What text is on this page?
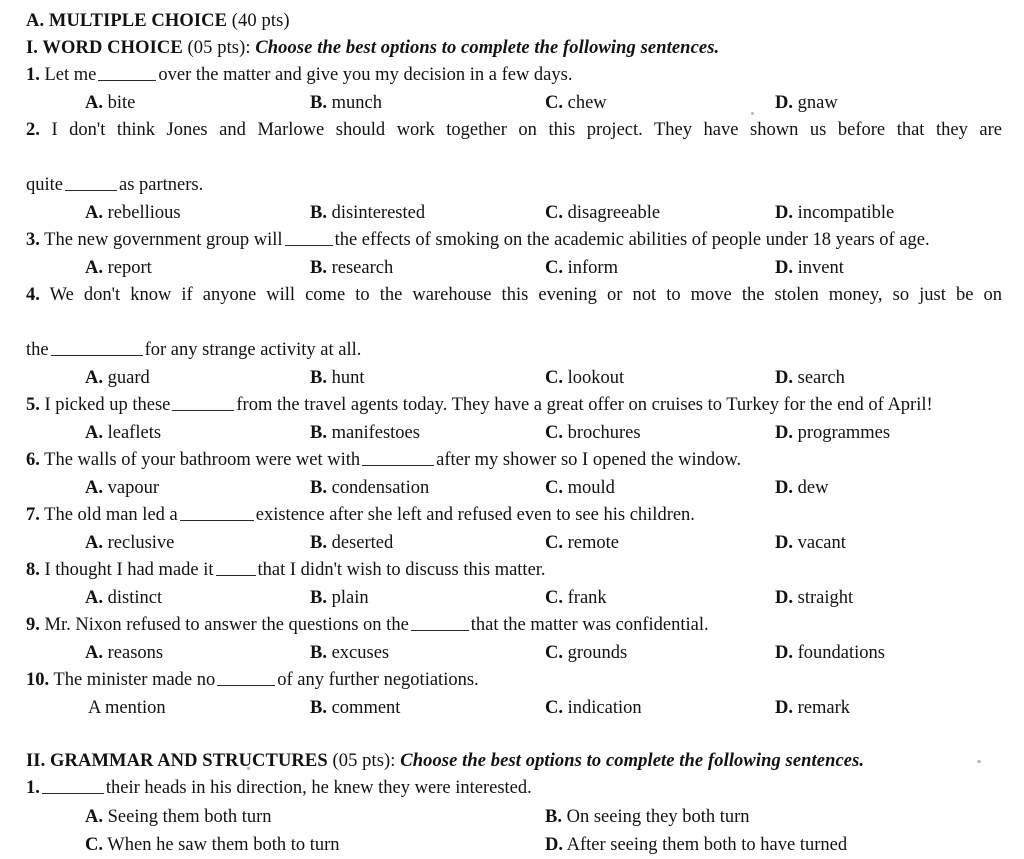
A. MULTIPLE CHOICE (40 pts)
I. WORD CHOICE (05 pts): Choose the best options to complete the following sentences.
1. Let me	over the matter and give you my decision in a few days.
A. bite	B. munch	C. chew	D. gnaw
2. I don't think Jones and Marlowe should work together on this project. They have shown us before that they are
quite	as partners.
A. rebellious	B. disinterested	C. disagreeable	D. incompatible
3. The new government group will	the effects of smoking on the academic abilities of people under 18 years of age.
A. report	B. research	C. inform	D. invent
4. We don't know if anyone will come to the warehouse this evening or not to move the stolen money, so just be on
the	for any strange activity at all.
A. guard	B. hunt	C. lookout	D. search
5. I picked up these	from the travel agents today. They have a great offer on cruises to Turkey for the end of April!
A. leaflets	B. manifestoes	C. brochures	D. programmes
6. The walls of your bathroom were wet with	after my shower so I opened the window.
A. vapour	B. condensation	C. mould	D. dew
7. The old man led a	existence after she left and refused even to see his children.
A. reclusive	B. deserted	C. remote	D. vacant
8. I thought I had made it that I didn't wish to discuss this matter.
A. distinct	B. plain	C. frank	D. straight
9. Mr. Nixon refused to answer the questions on the	that the matter was confidential.
A. reasons	B. excuses	C. grounds	D. foundations
10. The minister made no	of any further negotiations.
A mention	B. comment	C. indication	D. remark
II. GRAMMAR AND STRUCTURES (05 pts): Choose the best options to complete the following sentences.
1.	their heads in his direction, he knew they were interested.
A. Seeing them both turn	B. On seeing they both turn
C. When he saw them both to turn	D. After seeing them both to have turned
